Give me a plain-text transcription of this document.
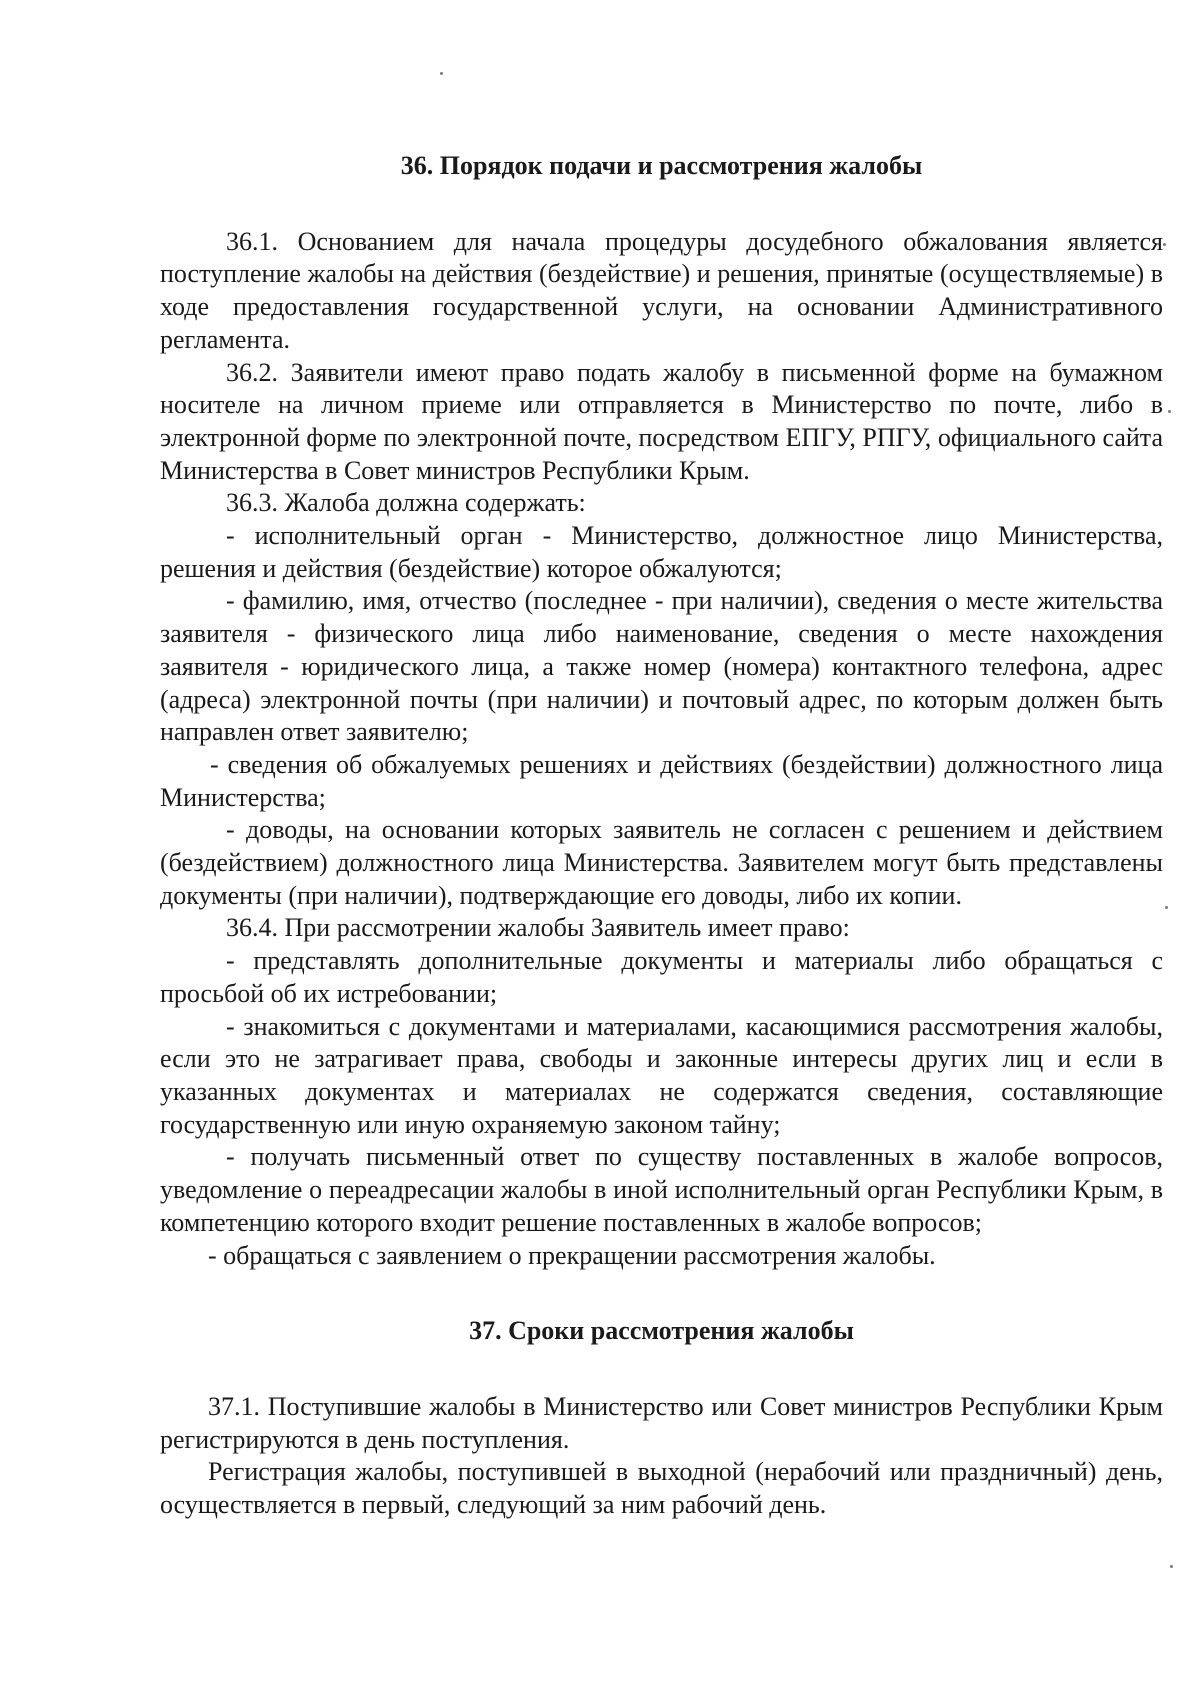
36. Порядок подачи и рассмотрения жалобы

36.1. Основанием для начала процедуры досудебного обжалования является поступление жалобы на действия (бездействие) и решения, принятые (осуществляемые) в ходе предоставления государственной услуги, на основании Административного регламента.

36.2. Заявители имеют право подать жалобу в письменной форме на бумажном носителе на личном приеме или отправляется в Министерство по почте, либо в электронной форме по электронной почте, посредством ЕПГУ, РПГУ, официального сайта Министерства в Совет министров Республики Крым.

36.3. Жалоба должна содержать:

- исполнительный орган - Министерство, должностное лицо Министерства, решения и действия (бездействие) которое обжалуются;

- фамилию, имя, отчество (последнее - при наличии), сведения о месте жительства заявителя - физического лица либо наименование, сведения о месте нахождения заявителя - юридического лица, а также номер (номера) контактного телефона, адрес (адреса) электронной почты (при наличии) и почтовый адрес, по которым должен быть направлен ответ заявителю;

- сведения об обжалуемых решениях и действиях (бездействии) должностного лица Министерства;

- доводы, на основании которых заявитель не согласен с решением и действием (бездействием) должностного лица Министерства. Заявителем могут быть представлены документы (при наличии), подтверждающие его доводы, либо их копии.

36.4. При рассмотрении жалобы Заявитель имеет право:

- представлять дополнительные документы и материалы либо обращаться с просьбой об их истребовании;

- знакомиться с документами и материалами, касающимися рассмотрения жалобы, если это не затрагивает права, свободы и законные интересы других лиц и если в указанных документах и материалах не содержатся сведения, составляющие государственную или иную охраняемую законом тайну;

- получать письменный ответ по существу поставленных в жалобе вопросов, уведомление о переадресации жалобы в иной исполнительный орган Республики Крым, в компетенцию которого входит решение поставленных в жалобе вопросов;

- обращаться с заявлением о прекращении рассмотрения жалобы.

37. Сроки рассмотрения жалобы

37.1. Поступившие жалобы в Министерство или Совет министров Республики Крым регистрируются в день поступления.

Регистрация жалобы, поступившей в выходной (нерабочий или праздничный) день, осуществляется в первый, следующий за ним рабочий день.
